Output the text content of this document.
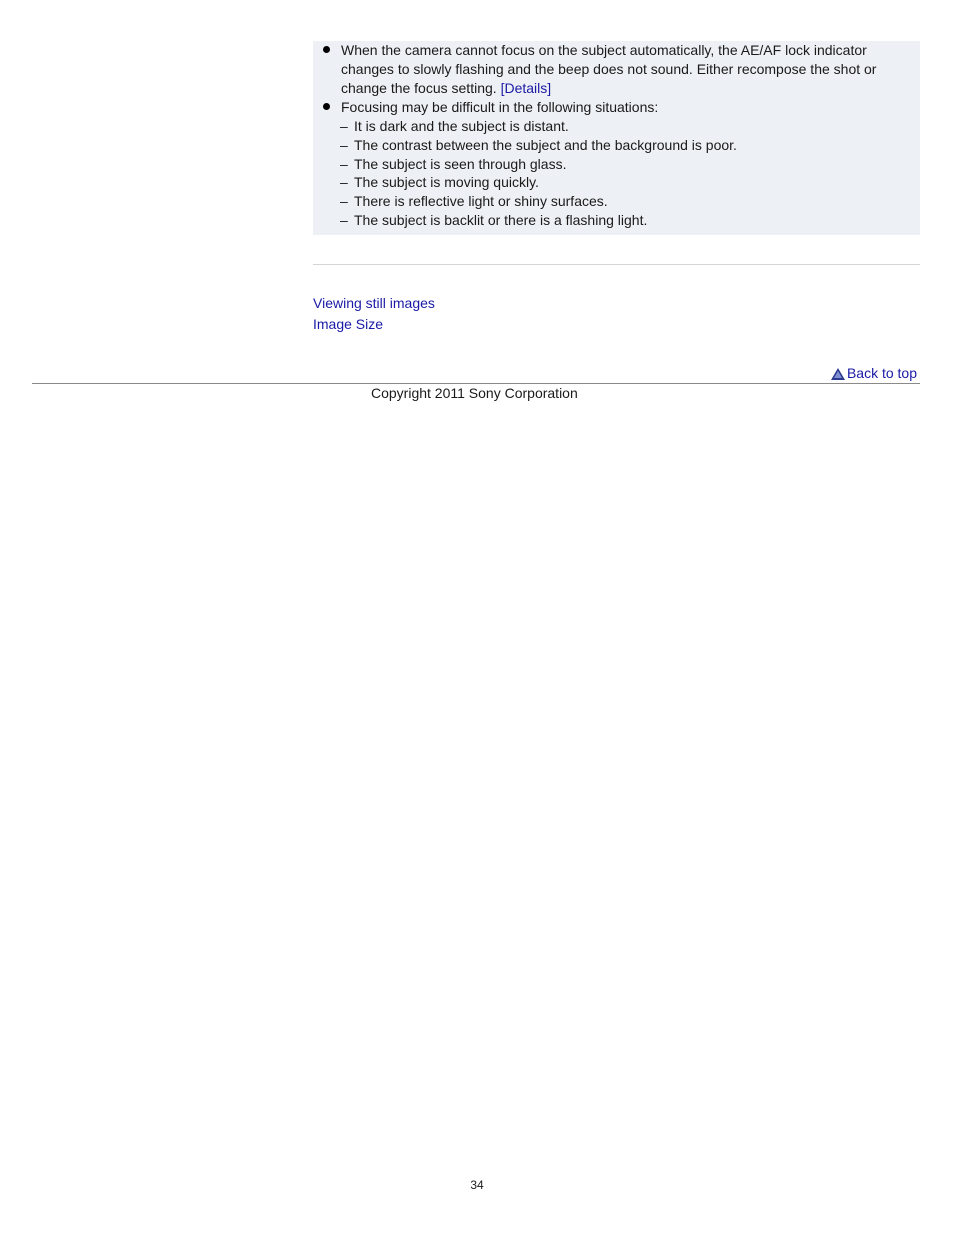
When the camera cannot focus on the subject automatically, the AE/AF lock indicator changes to slowly flashing and the beep does not sound. Either recompose the shot or change the focus setting. [Details]
Focusing may be difficult in the following situations:
– It is dark and the subject is distant.
– The contrast between the subject and the background is poor.
– The subject is seen through glass.
– The subject is moving quickly.
– There is reflective light or shiny surfaces.
– The subject is backlit or there is a flashing light.
Viewing still images
Image Size
Back to top
Copyright 2011 Sony Corporation
34
